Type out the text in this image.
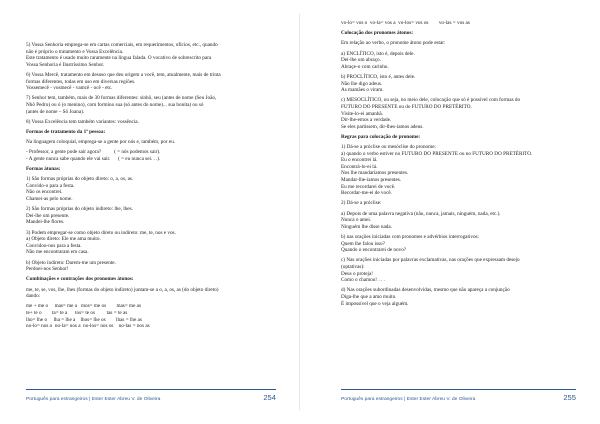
5) Vossa Senhoria emprega-se em cartas comerciais, em requerimentos, ofícios, etc., quando
não é próprio o tratamento e Vossa Excelência.
Este tratamento é usado muito raramente na língua falada. O vocativo de sobrescrito para
Vossa Senhoria é Ilustríssimo Senhor.

6) Vossa Mercê, tratamento em desuso que deu origem a você, tem, atualmente, mais de trinta
formas diferentes, todas em uso em diversas regiões.
Vossemecê - vosmecê - vamcê - ocê - etc.

7) Senhor tem, também, mais de 30 formas diferentes: sinhô, seu (antes de nome (Seu João,
Nhô Pedro) ou ó (o menino), com formino sua (só antes do nome)... sua bonita) ou só
(antes de nome – Sô Joana).

8) Vossa Excelência tem também variantes: vossência.

Formas de tratamento da 1ª pessoa:

Na linguagem coloquial, emprega-se a gente por nós e, também, por eu.

- Professor, a gente pode sair agora?          ( = nós podemos sair).
- A gente nunca sabe quando ele vai sair.      ( = eu nunca sei. . .).

Formas átonas:

1) São formas próprias do objeto direto: o, a, os, as.
Convido-o para a festa.
Não os encontrei.
Chamei-as pelo nome.

2) São formas próprias do objeto indireto: lhe, lhes.
Dei-lhe um presente.
Mandei-lhe flores.

3) Podem empregar-se como objeto direto ou indireto: me, te, nos e vos.
a) Objeto direto: Ele me ama muito.
Convidou-nos para a festa.
Não me encontraram em casa.

b) Objeto indireto: Darem-me um presente.
Perdoei-nos Senhor!

Combinações e contrações dos pronomes átonos:

me, te, se, vos, lhe, lhes (formas do objeto indireto) juntam-se a o, a, os, as (do objeto direto)
dando:

me + me o     mas= me a   mos= me os        mas= me as
te+ te o        ta= te a      tos= te os         tas = te as
lho= lhe o     lha = lhe a    lhos= lhe os        lhas = lhe as
no-lo= nos o  no-la= nos a  no-los= nos os    no-las = nos as

Português para estrangeiros | Ester Ester Abreu V. de Oliveira	254

vo-lo= vos o  vo-la= vos a  vo-los= vos os        vo-las = vos as

Colocação dos pronomes átonos:

Em relação ao verbo, o pronome átono pode estar:

a) ENCLÍTICO, isto é, depois dele.
Dei-lhe um abraço.
Abraçe-o com carinho.

b) PROCLÍTICO, isto é, antes dele.
Não lhe digo adeus.
As mamães o viram.

c) MESOCLÍTICO, ou seja, no meio dele, colocação que só é possível com formas do
FUTURO DO PRESENTE ou do FUTURO DO PRETÉRITO.
Visite-lo-ei amanhã.
Dir-lhe-emos a verdade.
Se eles partissem, dir-lhes-íamos adeus.

Regras para colocação de pronome:

1) Dá-se a próclise ou mesóclise do pronome:
a) quando o verbo estiver no FUTURO DO PRESENTE ou no FUTURO DO PRETÉRITO.
Eu o encontrei lá.
Encontrá-lo-ei lá.
Nos lhe mandaríamos presentes.
Mandar-lhe-íamos presentes.
Eu me recordarei de você.
Recordar-me-ei de você.

2) Dá-se a próclise:

a) Depois de uma palavra negativa (não, nunca, jamais, ninguém, nada, etc.).
Nunca o amei.
Ninguém lhe disse nada.

b) nas orações iniciadas com pronomes e advérbios interrogativos:
Quem lhe falou isso?
Quando o encontrarei de novo?

c) Nas orações iniciadas por palavras exclamativas, nas orações que expressam desejo
(optativas):
Deus o proteja!
Como o chamou! . . .

d) Nas orações subordinadas desenvolvidas, mesmo que não apareça a conjunção
Diga-lhe que a amo muito.
É impossível que o veja alguém.

Português para estrangeiros | Ester Ester Abreu V. de Oliveira	255
